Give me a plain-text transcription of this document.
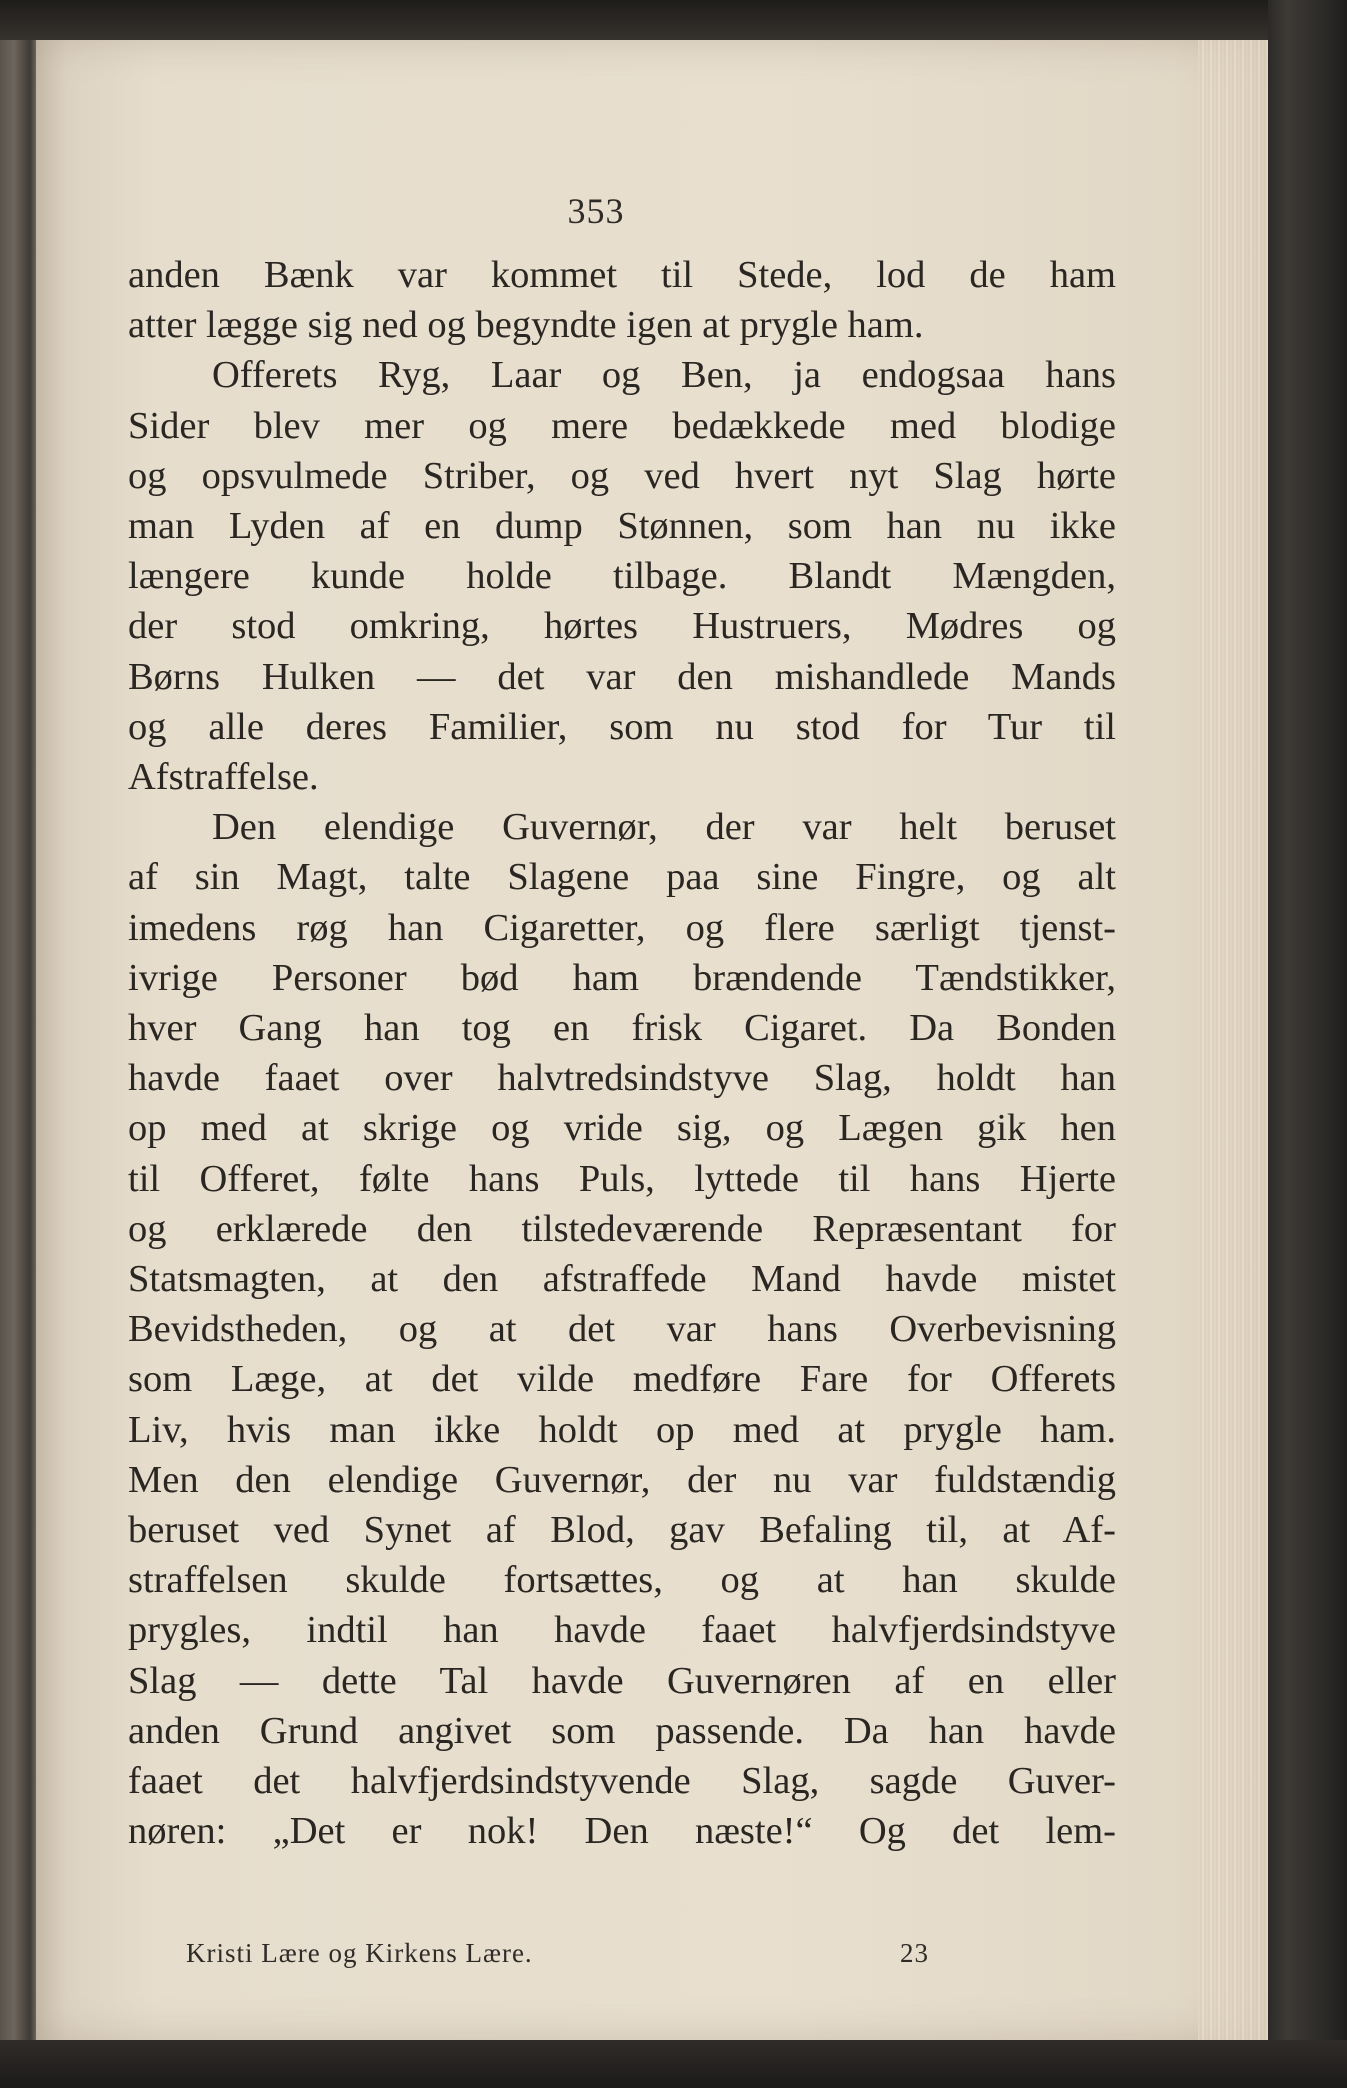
353
anden Bænk var kommet til Stede, lod de ham
atter lægge sig ned og begyndte igen at prygle ham.
Offerets Ryg, Laar og Ben, ja endogsaa hans
Sider blev mer og mere bedækkede med blodige
og opsvulmede Striber, og ved hvert nyt Slag hørte
man Lyden af en dump Stønnen, som han nu ikke
længere kunde holde tilbage. Blandt Mængden,
der stod omkring, hørtes Hustruers, Mødres og
Børns Hulken — det var den mishandlede Mands
og alle deres Familier, som nu stod for Tur til
Afstraffelse.
Den elendige Guvernør, der var helt beruset
af sin Magt, talte Slagene paa sine Fingre, og alt
imedens røg han Cigaretter, og flere særligt tjenst-
ivrige Personer bød ham brændende Tændstikker,
hver Gang han tog en frisk Cigaret. Da Bonden
havde faaet over halvtredsindstyve Slag, holdt han
op med at skrige og vride sig, og Lægen gik hen
til Offeret, følte hans Puls, lyttede til hans Hjerte
og erklærede den tilstedeværende Repræsentant for
Statsmagten, at den afstraffede Mand havde mistet
Bevidstheden, og at det var hans Overbevisning
som Læge, at det vilde medføre Fare for Offerets
Liv, hvis man ikke holdt op med at prygle ham.
Men den elendige Guvernør, der nu var fuldstændig
beruset ved Synet af Blod, gav Befaling til, at Af-
straffelsen skulde fortsættes, og at han skulde
prygles, indtil han havde faaet halvfjerdsindstyve
Slag — dette Tal havde Guvernøren af en eller
anden Grund angivet som passende. Da han havde
faaet det halvfjerdsindstyvende Slag, sagde Guver-
nøren: „Det er nok! Den næste!“ Og det lem-
Kristi Lære og Kirkens Lære.	23
